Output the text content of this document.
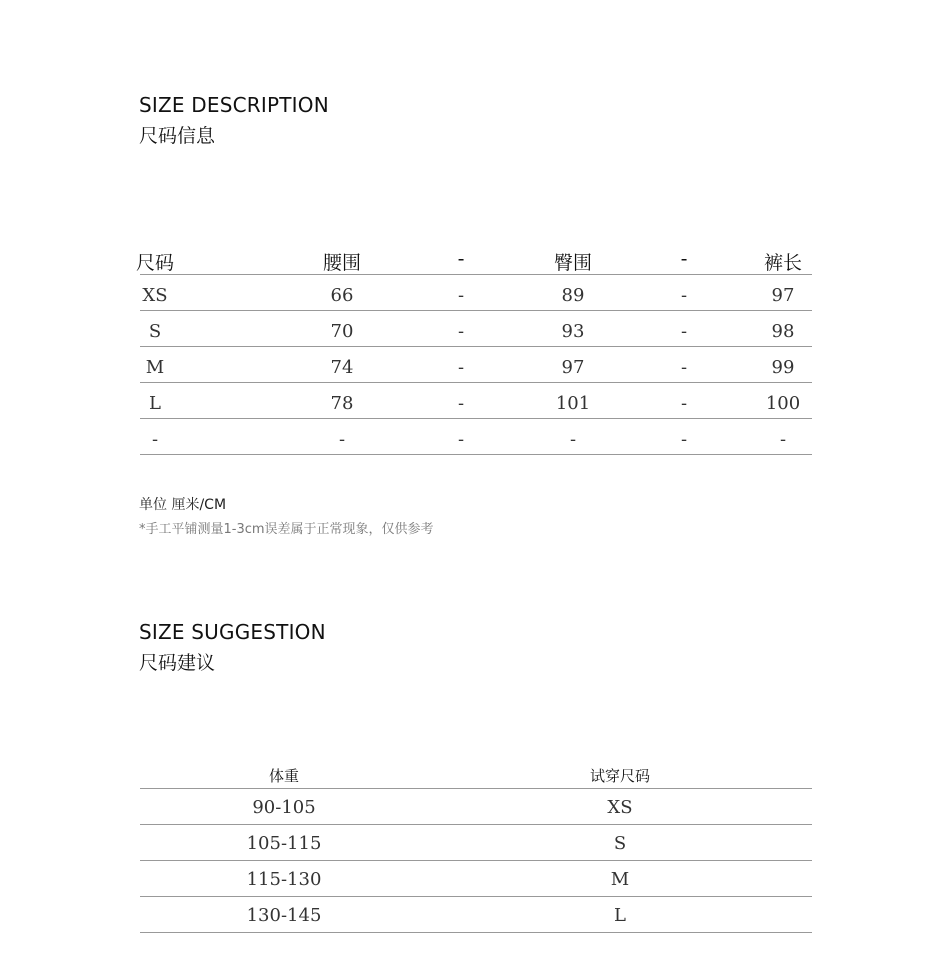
SIZE DESCRIPTION
尺码信息
尺码	腰围	-	臀围	-	裤长
XS	66	-	89	-	97
S	70	-	93	-	98
M	74	-	97	-	99
L	78	-	101	-	100
-	-	-	-	-	-
单位 厘米/CM
*手工平铺测量1-3cm误差属于正常现象，仅供参考
SIZE SUGGESTION
尺码建议
体重	试穿尺码
90-105	XS
105-115	S
115-130	M
130-145	L
